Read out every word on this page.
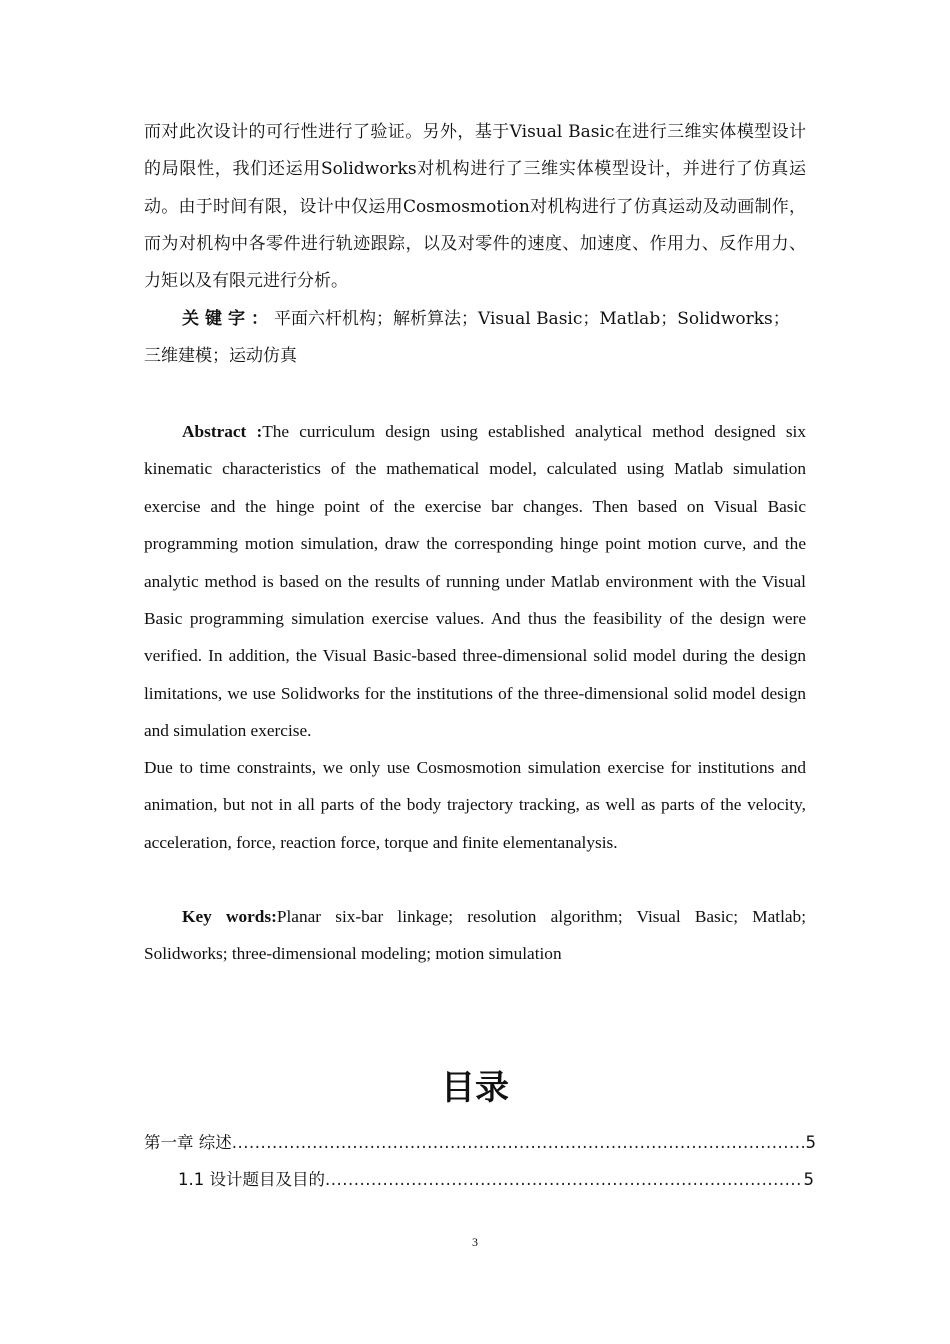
而对此次设计的可行性进行了验证。另外，基于Visual Basic在进行三维实体模型设计的局限性，我们还运用Solidworks对机构进行了三维实体模型设计，并进行了仿真运动。由于时间有限，设计中仅运用Cosmosmotion对机构进行了仿真运动及动画制作，而为对机构中各零件进行轨迹跟踪，以及对零件的速度、加速度、作用力、反作用力、力矩以及有限元进行分析。

关键字：平面六杆机构；解析算法；Visual Basic；Matlab；Solidworks；三维建模；运动仿真

Abstract :The curriculum design using established analytical method designed six kinematic characteristics of the mathematical model, calculated using Matlab simulation exercise and the hinge point of the exercise bar changes. Then based on Visual Basic programming motion simulation, draw the corresponding hinge point motion curve, and the analytic method is based on the results of running under Matlab environment with the Visual Basic programming simulation exercise values. And thus the feasibility of the design were verified. In addition, the Visual Basic-based three-dimensional solid model during the design limitations, we use Solidworks for the institutions of the three-dimensional solid model design and simulation exercise.

Due to time constraints, we only use Cosmosmotion simulation exercise for institutions and animation, but not in all parts of the body trajectory tracking, as well as parts of the velocity, acceleration, force, reaction force, torque and finite elementanalysis.

Key words:Planar six-bar linkage; resolution algorithm; Visual Basic; Matlab; Solidworks; three-dimensional modeling; motion simulation

目录
第一章 综述 .....	5
1.1 设计题目及目的 .....	5
3
